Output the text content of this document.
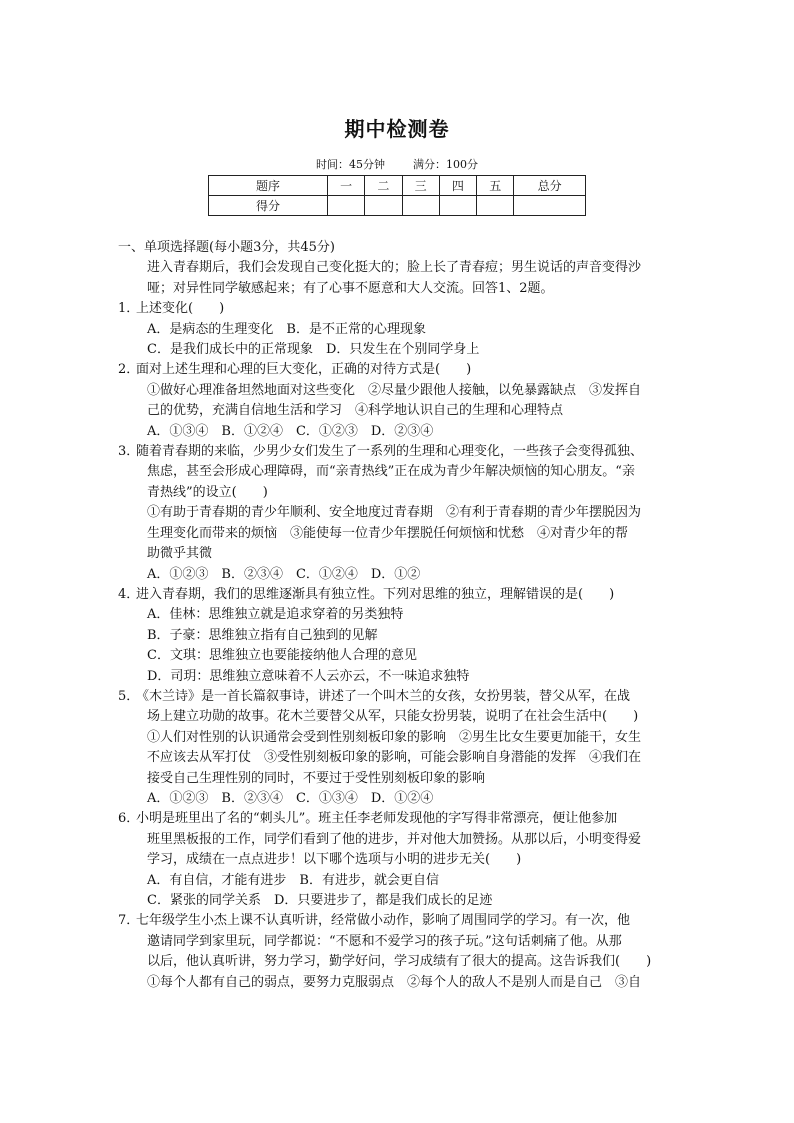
期中检测卷
时间：45分钟	满分：100分
题序	一	二	三	四	五	总分
得分						
一、单项选择题(每小题3分，共45分)
进入青春期后，我们会发现自己变化挺大的；脸上长了青春痘；男生说话的声音变得沙
哑；对异性同学敏感起来；有了心事不愿意和大人交流。回答1、2题。
1．上述变化(　　)
A．是病态的生理变化　B．是不正常的心理现象
C．是我们成长中的正常现象　D．只发生在个别同学身上
2．面对上述生理和心理的巨大变化，正确的对待方式是(　　)
①做好心理准备坦然地面对这些变化　②尽量少跟他人接触，以免暴露缺点　③发挥自
己的优势，充满自信地生活和学习　④科学地认识自己的生理和心理特点
A．①③④　B．①②④　C．①②③　D．②③④
3．随着青春期的来临，少男少女们发生了一系列的生理和心理变化，一些孩子会变得孤独、
焦虑，甚至会形成心理障碍，而“亲青热线”正在成为青少年解决烦恼的知心朋友。“亲
青热线”的设立(　　)
①有助于青春期的青少年顺利、安全地度过青春期　②有利于青春期的青少年摆脱因为
生理变化而带来的烦恼　③能使每一位青少年摆脱任何烦恼和忧愁　④对青少年的帮
助微乎其微
A．①②③　B．②③④　C．①②④　D．①②
4．进入青春期，我们的思维逐渐具有独立性。下列对思维的独立，理解错误的是(　　)
A．佳林：思维独立就是追求穿着的另类独特
B．子豪：思维独立指有自己独到的见解
C．文琪：思维独立也要能接纳他人合理的意见
D．司玥：思维独立意味着不人云亦云，不一味追求独特
5．《木兰诗》是一首长篇叙事诗，讲述了一个叫木兰的女孩，女扮男装，替父从军，在战
场上建立功勋的故事。花木兰要替父从军，只能女扮男装，说明了在社会生活中(　　)
①人们对性别的认识通常会受到性别刻板印象的影响　②男生比女生要更加能干，女生
不应该去从军打仗　③受性别刻板印象的影响，可能会影响自身潜能的发挥　④我们在
接受自己生理性别的同时，不要过于受性别刻板印象的影响
A．①②③　B．②③④　C．①③④　D．①②④
6．小明是班里出了名的“刺头儿”。班主任李老师发现他的字写得非常漂亮，便让他参加
班里黑板报的工作，同学们看到了他的进步，并对他大加赞扬。从那以后，小明变得爱
学习，成绩在一点点进步！以下哪个选项与小明的进步无关(　　)
A．有自信，才能有进步　B．有进步，就会更自信
C．紧张的同学关系　D．只要进步了，都是我们成长的足迹
7．七年级学生小杰上课不认真听讲，经常做小动作，影响了周围同学的学习。有一次，他
邀请同学到家里玩，同学都说：“不愿和不爱学习的孩子玩。”这句话刺痛了他。从那
以后，他认真听讲，努力学习，勤学好问，学习成绩有了很大的提高。这告诉我们(　　)
①每个人都有自己的弱点，要努力克服弱点　②每个人的敌人不是别人而是自己　③自
